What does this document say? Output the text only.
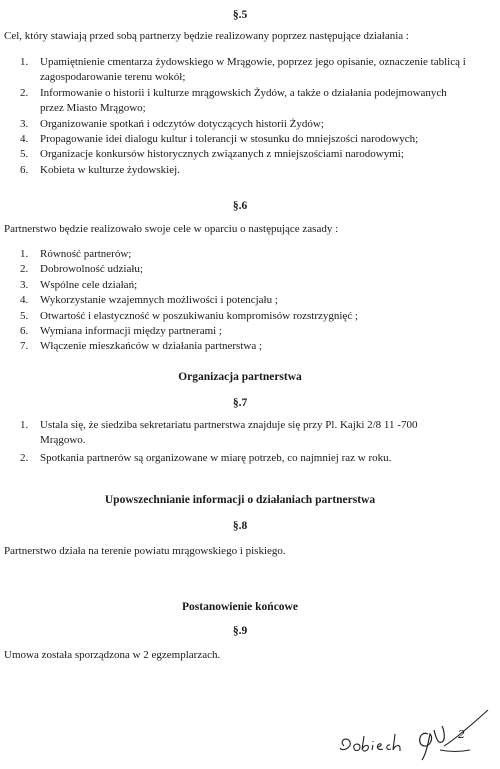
§.5
Cel, który stawiają przed sobą partnerzy będzie realizowany poprzez następujące działania :
1. Upamiętnienie cmentarza żydowskiego w Mrągowie, poprzez jego opisanie, oznaczenie tablicą i zagospodarowanie terenu wokół;
2. Informowanie o historii i kulturze mrągowskich Żydów, a także o działania podejmowanych przez Miasto Mrągowo;
3. Organizowanie spotkań i odczytów dotyczących historii Żydów;
4. Propagowanie idei dialogu kultur i tolerancji w stosunku do mniejszości narodowych;
5. Organizacje konkursów historycznych związanych z mniejszościami narodowymi;
6. Kobieta w kulturze żydowskiej.
§.6
Partnerstwo będzie realizowało swoje cele w oparciu o następujące zasady :
1. Równość partnerów;
2. Dobrowolność udziału;
3. Wspólne cele działań;
4. Wykorzystanie wzajemnych możliwości i potencjału ;
5. Otwartość i elastyczność w poszukiwaniu kompromisów rozstrzygnięć ;
6. Wymiana informacji między partnerami ;
7. Włączenie mieszkańców w działania partnerstwa ;
Organizacja partnerstwa
§.7
1. Ustala się, że siedziba sekretariatu partnerstwa znajduje się przy Pl. Kajki 2/8 11 -700 Mrągowo.
2. Spotkania partnerów są organizowane w miarę potrzeb, co najmniej raz w roku.
Upowszechnianie informacji o działaniach partnerstwa
§.8
Partnerstwo działa na terenie powiatu mrągowskiego i piskiego.
Postanowienie końcowe
§.9
Umowa została sporządzona w 2 egzemplarzach.
2
